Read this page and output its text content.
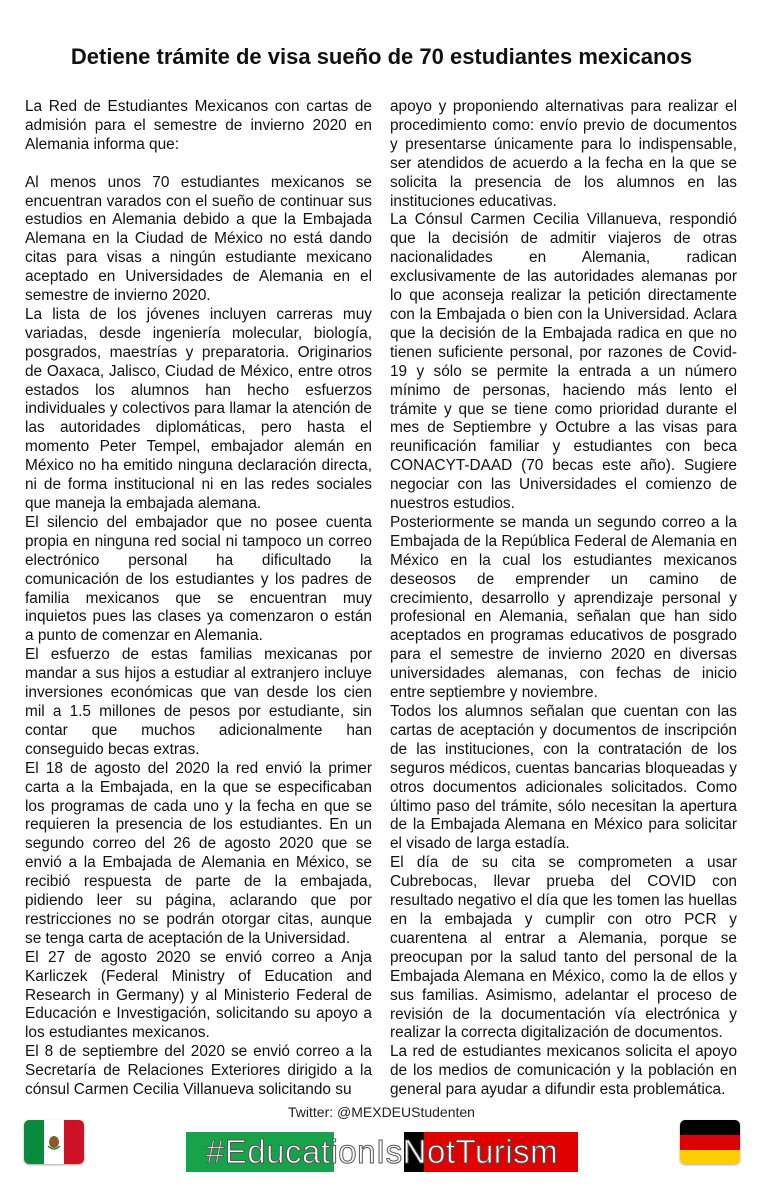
Detiene trámite de visa sueño de 70 estudiantes mexicanos

La Red de Estudiantes Mexicanos con cartas de admisión para el semestre de invierno 2020 en Alemania informa que:

Al menos unos 70 estudiantes mexicanos se encuentran varados con el sueño de continuar sus estudios en Alemania debido a que la Embajada Alemana en la Ciudad de México no está dando citas para visas a ningún estudiante mexicano aceptado en Universidades de Alemania en el semestre de invierno 2020.

La lista de los jóvenes incluyen carreras muy variadas, desde ingeniería molecular, biología, posgrados, maestrías y preparatoria. Originarios de Oaxaca, Jalisco, Ciudad de México, entre otros estados los alumnos han hecho esfuerzos individuales y colectivos para llamar la atención de las autoridades diplomáticas, pero hasta el momento Peter Tempel, embajador alemán en México no ha emitido ninguna declaración directa, ni de forma institucional ni en las redes sociales que maneja la embajada alemana.

El silencio del embajador que no posee cuenta propia en ninguna red social ni tampoco un correo electrónico personal ha dificultado la comunicación de los estudiantes y los padres de familia mexicanos que se encuentran muy inquietos pues las clases ya comenzaron o están a punto de comenzar en Alemania.

El esfuerzo de estas familias mexicanas por mandar a sus hijos a estudiar al extranjero incluye inversiones económicas que van desde los cien mil a 1.5 millones de pesos por estudiante, sin contar que muchos adicionalmente han conseguido becas extras.

El 18 de agosto del 2020 la red envió la primer carta a la Embajada, en la que se especificaban los programas de cada uno y la fecha en que se requieren la presencia de los estudiantes. En un segundo correo del 26 de agosto 2020 que se envió a la Embajada de Alemania en México, se recibió respuesta de parte de la embajada, pidiendo leer su página, aclarando que por restricciones no se podrán otorgar citas, aunque se tenga carta de aceptación de la Universidad.

El 27 de agosto 2020 se envió correo a Anja Karliczek (Federal Ministry of Education and Research in Germany) y al Ministerio Federal de Educación e Investigación, solicitando su apoyo a los estudiantes mexicanos.

El 8 de septiembre del 2020 se envió correo a la Secretaría de Relaciones Exteriores dirigido a la cónsul Carmen Cecilia Villanueva solicitando su

apoyo y proponiendo alternativas para realizar el procedimiento como: envío previo de documentos y presentarse únicamente para lo indispensable, ser atendidos de acuerdo a la fecha en la que se solicita la presencia de los alumnos en las instituciones educativas.

La Cónsul Carmen Cecilia Villanueva, respondió que la decisión de admitir viajeros de otras nacionalidades en Alemania, radican exclusivamente de las autoridades alemanas por lo que aconseja realizar la petición directamente con la Embajada o bien con la Universidad. Aclara que la decisión de la Embajada radica en que no tienen suficiente personal, por razones de Covid-19 y sólo se permite la entrada a un número mínimo de personas, haciendo más lento el trámite y que se tiene como prioridad durante el mes de Septiembre y Octubre a las visas para reunificación familiar y estudiantes con beca CONACYT-DAAD (70 becas este año). Sugiere negociar con las Universidades el comienzo de nuestros estudios.

Posteriormente se manda un segundo correo a la Embajada de la República Federal de Alemania en México en la cual los estudiantes mexicanos deseosos de emprender un camino de crecimiento, desarrollo y aprendizaje personal y profesional en Alemania, señalan que han sido aceptados en programas educativos de posgrado para el semestre de invierno 2020 en diversas universidades alemanas, con fechas de inicio entre septiembre y noviembre.

Todos los alumnos señalan que cuentan con las cartas de aceptación y documentos de inscripción de las instituciones, con la contratación de los seguros médicos, cuentas bancarias bloqueadas y otros documentos adicionales solicitados. Como último paso del trámite, sólo necesitan la apertura de la Embajada Alemana en México para solicitar el visado de larga estadía.

El día de su cita se comprometen a usar Cubrebocas, llevar prueba del COVID con resultado negativo el día que les tomen las huellas en la embajada y cumplir con otro PCR y cuarentena al entrar a Alemania, porque se preocupan por la salud tanto del personal de la Embajada Alemana en México, como la de ellos y sus familias. Asimismo, adelantar el proceso de revisión de la documentación vía electrónica y realizar la correcta digitalización de documentos.

La red de estudiantes mexicanos solicita el apoyo de los medios de comunicación y la población en general para ayudar a difundir esta problemática.

Twitter: @MEXDEUStudenten
#EducationIsNotTurism
